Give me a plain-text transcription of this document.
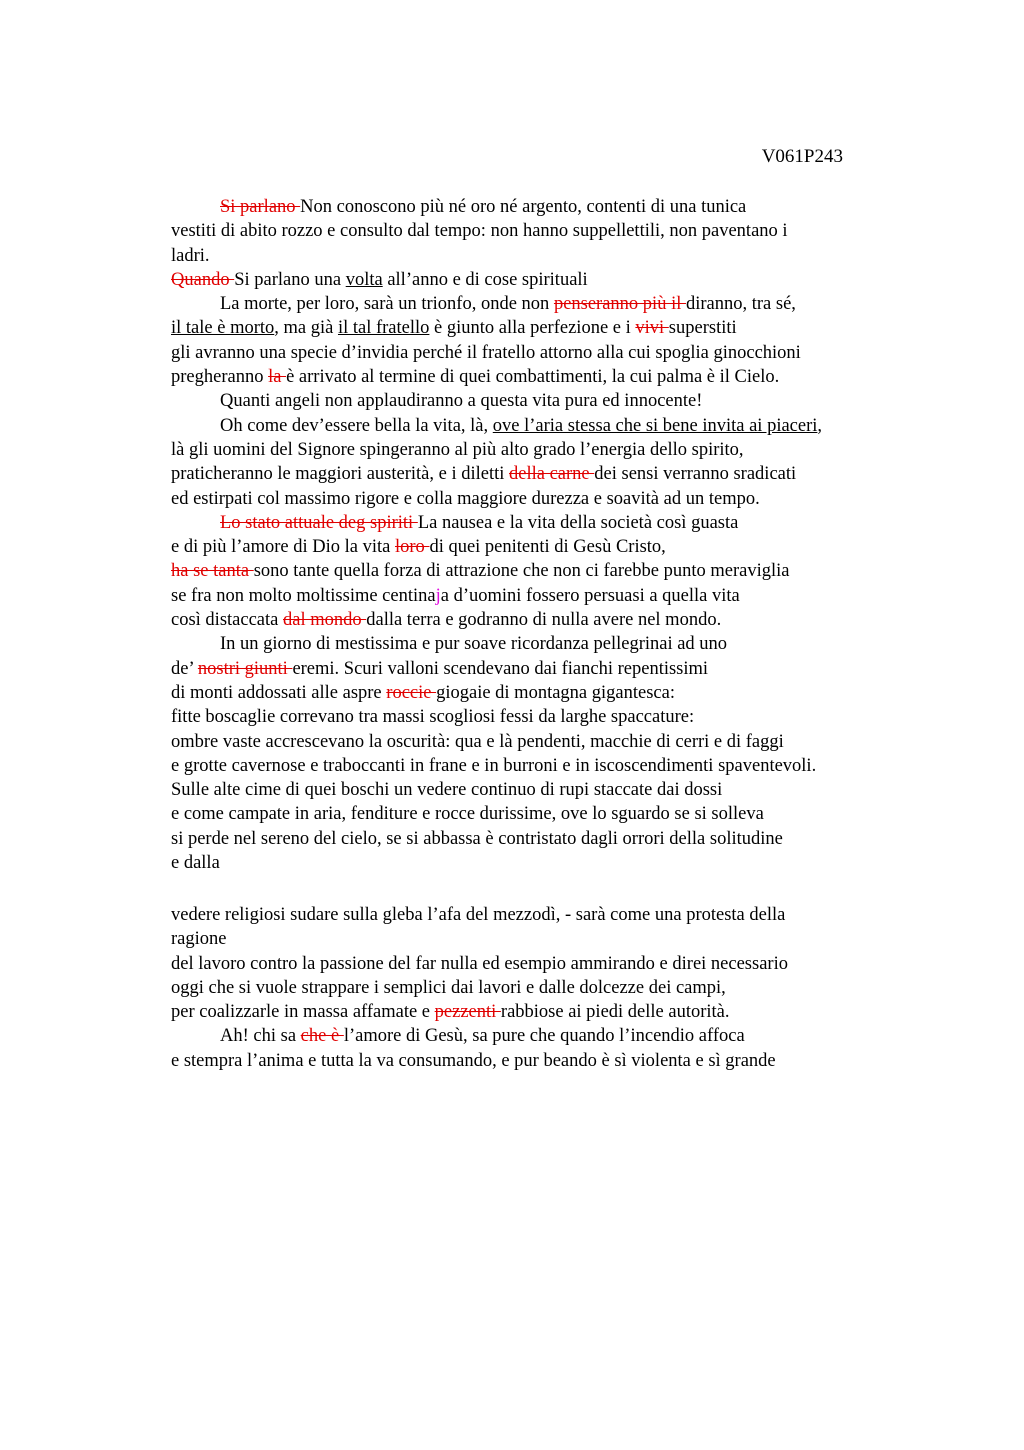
V061P243
Si parlano Non conoscono più né oro né argento, contenti di una tunica
vestiti di abito rozzo e consulto dal tempo: non hanno suppellettili, non paventano i
ladri.
Quando Si parlano una volta all’anno e di cose spirituali
La morte, per loro, sarà un trionfo, onde non penseranno più il diranno, tra sé,
il tale è morto, ma già il tal fratello è giunto alla perfezione e i vivi superstiti
gli avranno una specie d’invidia perché il fratello attorno alla cui spoglia ginocchioni
pregheranno la è arrivato al termine di quei combattimenti, la cui palma è il Cielo.
Quanti angeli non applaudiranno a questa vita pura ed innocente!
Oh come dev’essere bella la vita, là, ove l’aria stessa che si bene invita ai piaceri,
là gli uomini del Signore spingeranno al più alto grado l’energia dello spirito,
praticheranno le maggiori austerità, e i diletti della carne dei sensi verranno sradicati
ed estirpati col massimo rigore e colla maggiore durezza e soavità ad un tempo.
Lo stato attuale deg spiriti La nausea e la vita della società così guasta
e di più l’amore di Dio la vita loro di quei penitenti di Gesù Cristo,
ha se tanta sono tante quella forza di attrazione che non ci farebbe punto meraviglia
se fra non molto moltissime centinaja d’uomini fossero persuasi a quella vita
così distaccata dal mondo dalla terra e godranno di nulla avere nel mondo.
In un giorno di mestissima e pur soave ricordanza pellegrinai ad uno
de’ nostri giunti eremi. Scuri valloni scendevano dai fianchi repentissimi
di monti addossati alle aspre roccie giogaie di montagna gigantesca:
fitte boscaglie correvano tra massi scogliosi fessi da larghe spaccature:
ombre vaste accrescevano la oscurità: qua e là pendenti, macchie di cerri e di faggi
e grotte cavernose e traboccanti in frane e in burroni e in iscoscendimenti spaventevoli.
Sulle alte cime di quei boschi un vedere continuo di rupi staccate dai dossi
e come campate in aria, fenditure e rocce durissime, ove lo sguardo se si solleva
si perde nel sereno del cielo, se si abbassa è contristato dagli orrori della solitudine
e dalla
vedere religiosi sudare sulla gleba l’afa del mezzodì, - sarà come una protesta della
ragione
del lavoro contro la passione del far nulla ed esempio ammirando e direi necessario
oggi che si vuole strappare i semplici dai lavori e dalle dolcezze dei campi,
per coalizzarle in massa affamate e pezzenti rabbiose ai piedi delle autorità.
Ah! chi sa che è l’amore di Gesù, sa pure che quando l’incendio affoca
e stempra l’anima e tutta la va consumando, e pur beando è sì violenta e sì grande
